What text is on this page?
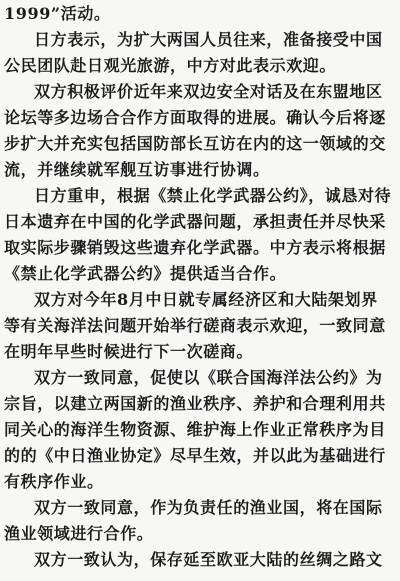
1999”活动。
日方表示，为扩大两国人员往来，准备接受中国
公民团队赴日观光旅游，中方对此表示欢迎。
双方积极评价近年来双边安全对话及在东盟地区
论坛等多边场合合作方面取得的进展。确认今后将逐
步扩大并充实包括国防部长互访在内的这一领域的交
流，并继续就军舰互访事进行协调。
日方重申，根据《禁止化学武器公约》，诚恳对待
日本遗弃在中国的化学武器问题，承担责任并尽快采
取实际步骤销毁这些遗弃化学武器。中方表示将根据
《禁止化学武器公约》提供适当合作。
双方对今年8月中日就专属经济区和大陆架划界
等有关海洋法问题开始举行磋商表示欢迎，一致同意
在明年早些时候进行下一次磋商。
双方一致同意，促使以《联合国海洋法公约》为
宗旨，以建立两国新的渔业秩序、养护和合理利用共
同关心的海洋生物资源、维护海上作业正常秩序为目
的的《中日渔业协定》尽早生效，并以此为基础进行
有秩序作业。
双方一致同意，作为负责任的渔业国，将在国际
渔业领域进行合作。
双方一致认为，保存延至欧亚大陆的丝绸之路文
